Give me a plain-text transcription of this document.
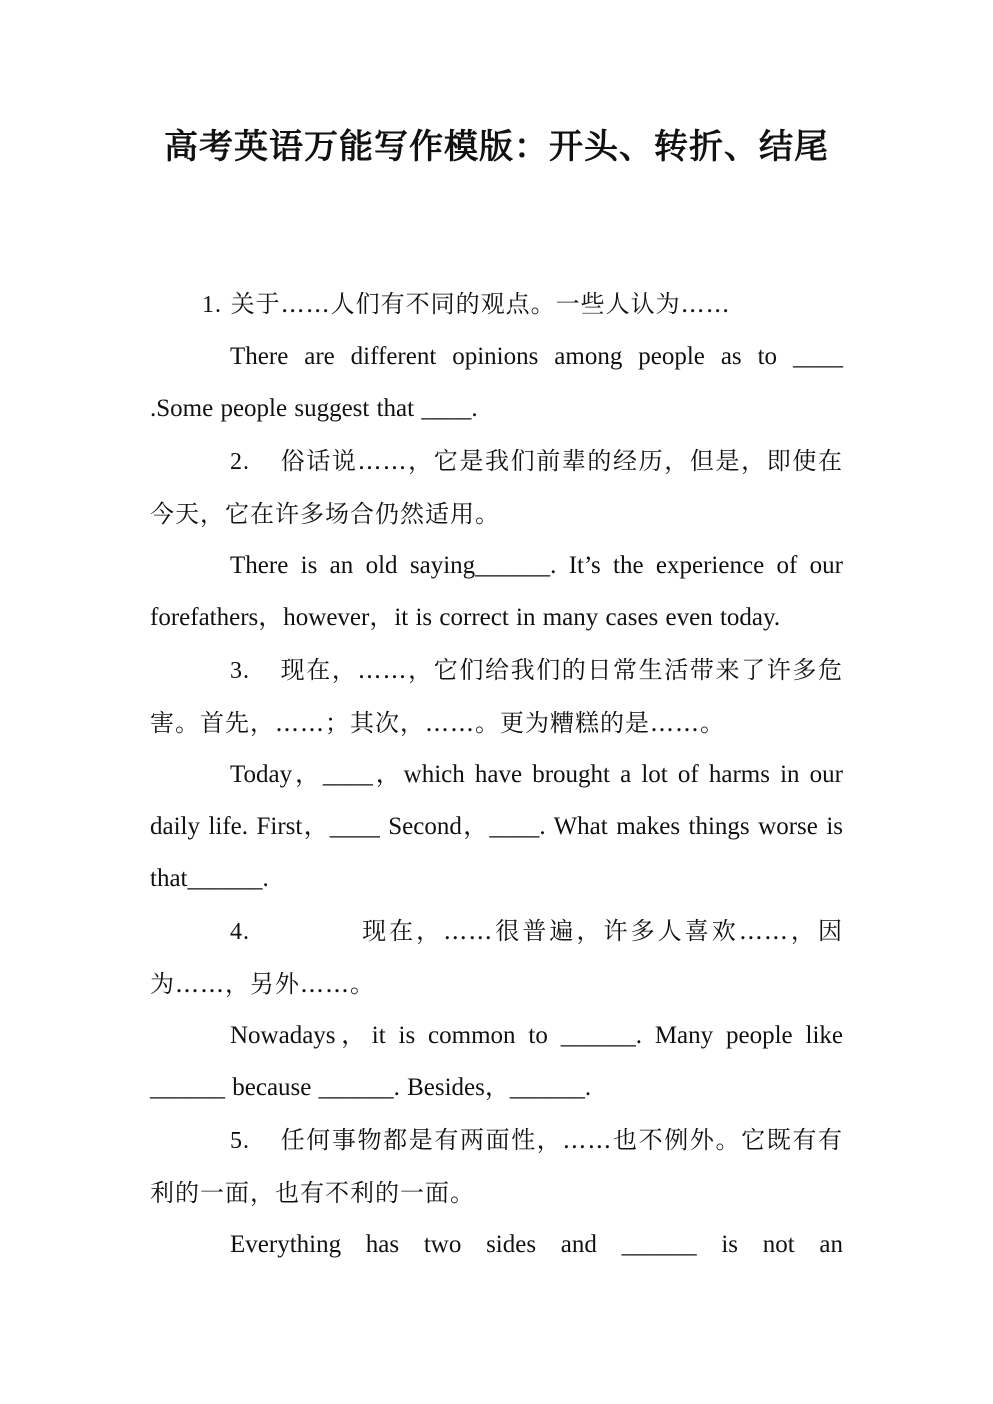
高考英语万能写作模版：开头、转折、结尾

1. 关于……人们有不同的观点。一些人认为……

There are different opinions among people as to ____ .Some people suggest that ____.

2. 俗话说……，它是我们前辈的经历，但是，即使在今天，它在许多场合仍然适用。

There is an old saying______. It’s the experience of our forefathers，however，it is correct in many cases even today.

3. 现在，……，它们给我们的日常生活带来了许多危害。首先，……；其次，……。更为糟糕的是……。

Today，____，which have brought a lot of harms in our daily life. First，____ Second，____. What makes things worse is that______.

4.	现在，……很普遍，许多人喜欢……，因为……，另外……。

Nowadays，it is common to ______. Many people like ______ because ______. Besides，______.

5. 任何事物都是有两面性，……也不例外。它既有有利的一面，也有不利的一面。

Everything has two sides and ______ is not an
